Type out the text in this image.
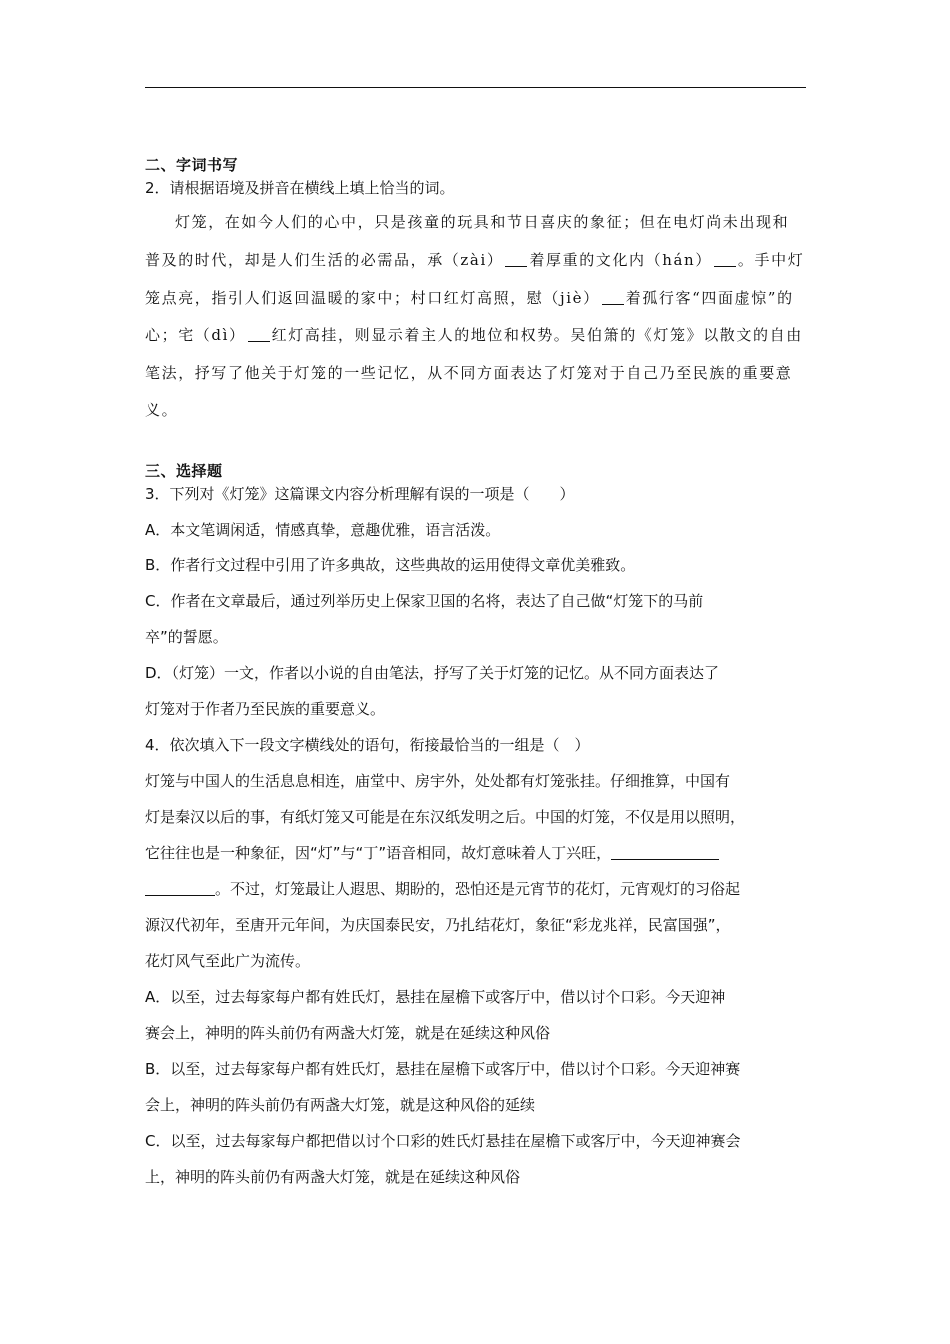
二、字词书写
2．请根据语境及拼音在横线上填上恰当的词。
灯笼，在如今人们的心中，只是孩童的玩具和节日喜庆的象征；但在电灯尚未出现和
普及的时代，却是人们生活的必需品，承（zài） 着厚重的文化内（hán） 。手中灯
笼点亮，指引人们返回温暖的家中；村口红灯高照，慰（jiè） 着孤行客“四面虚惊”的
心；宅（dì） 红灯高挂，则显示着主人的地位和权势。吴伯箫的《灯笼》以散文的自由
笔法，抒写了他关于灯笼的一些记忆，从不同方面表达了灯笼对于自己乃至民族的重要意
义。
三、选择题
3．下列对《灯笼》这篇课文内容分析理解有误的一项是（　　）
A．本文笔调闲适，情感真挚，意趣优雅，语言活泼。
B．作者行文过程中引用了许多典故，这些典故的运用使得文章优美雅致。
C．作者在文章最后，通过列举历史上保家卫国的名将，表达了自己做“灯笼下的马前
卒”的誓愿。
D．（灯笼）一文，作者以小说的自由笔法，抒写了关于灯笼的记忆。从不同方面表达了
灯笼对于作者乃至民族的重要意义。
4．依次填入下一段文字横线处的语句，衔接最恰当的一组是（　）
灯笼与中国人的生活息息相连，庙堂中、房宇外，处处都有灯笼张挂。仔细推算，中国有
灯是秦汉以后的事，有纸灯笼又可能是在东汉纸发明之后。中国的灯笼，不仅是用以照明，
它往往也是一种象征，因“灯”与“丁”语音相同，故灯意味着人丁兴旺，
。不过，灯笼最让人遐思、期盼的，恐怕还是元宵节的花灯，元宵观灯的习俗起
源汉代初年，至唐开元年间，为庆国泰民安，乃扎结花灯，象征“彩龙兆祥，民富国强”，
花灯风气至此广为流传。
A．以至，过去每家每户都有姓氏灯，悬挂在屋檐下或客厅中，借以讨个口彩。今天迎神
赛会上，神明的阵头前仍有两盏大灯笼，就是在延续这种风俗
B．以至，过去每家每户都有姓氏灯，悬挂在屋檐下或客厅中，借以讨个口彩。今天迎神赛
会上，神明的阵头前仍有两盏大灯笼，就是这种风俗的延续
C．以至，过去每家每户都把借以讨个口彩的姓氏灯悬挂在屋檐下或客厅中，今天迎神赛会
上，神明的阵头前仍有两盏大灯笼，就是在延续这种风俗
